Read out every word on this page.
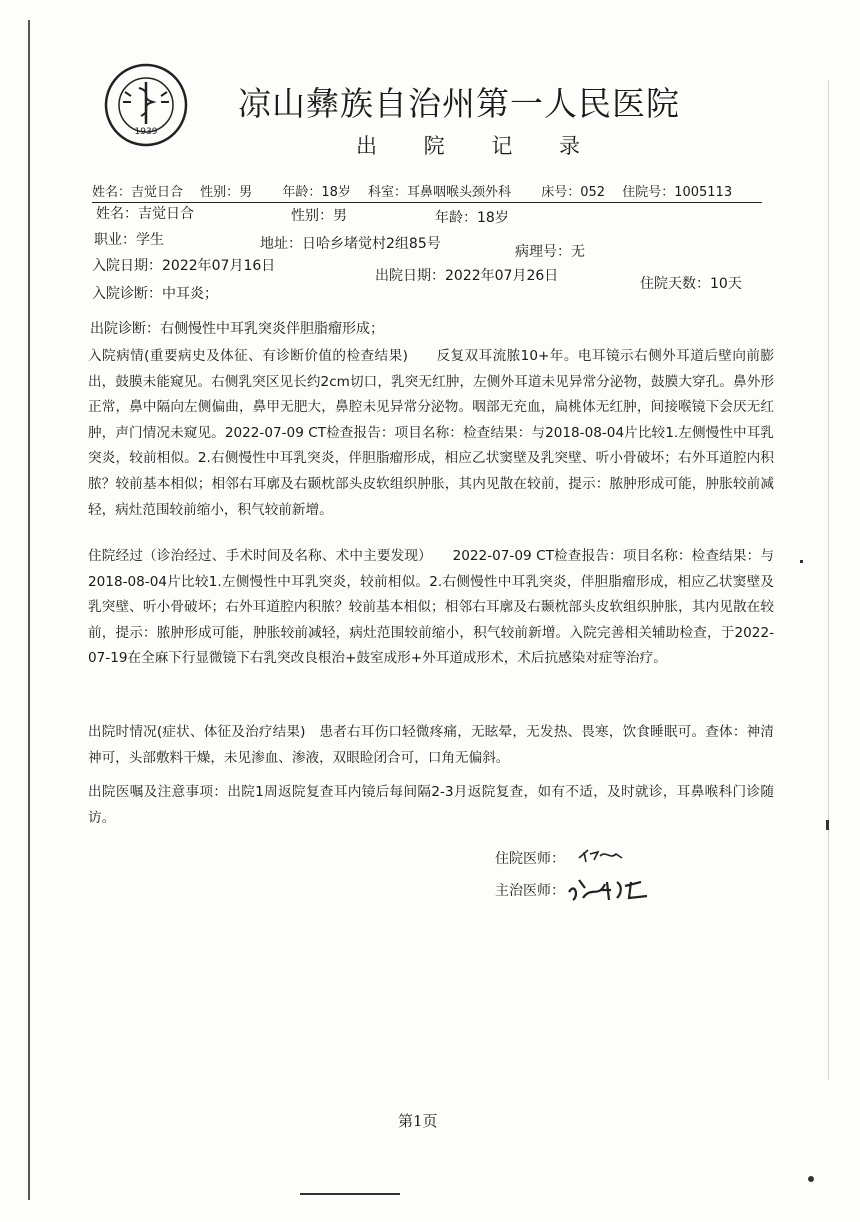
1939
凉山彝族自治州第一人民医院
出 院 记 录
姓名：吉觉日合　 性别：男　　 年龄：18岁　 科室：耳鼻咽喉头颈外科　　 床号：052　 住院号：1005113
姓名：吉觉日合	性别：男	年龄：18岁
职业：学生	地址：日哈乡堵觉村2组85号	病理号：无
入院日期：2022年07月16日
出院日期：2022年07月26日	住院天数：10天
入院诊断：中耳炎；
出院诊断：右侧慢性中耳乳突炎伴胆脂瘤形成；
入院病情(重要病史及体征、有诊断价值的检查结果)　　反复双耳流脓10+年。电耳镜示右侧外耳道后壁向前膨出，鼓膜未能窥见。右侧乳突区见长约2cm切口，乳突无红肿，左侧外耳道未见异常分泌物，鼓膜大穿孔。鼻外形正常，鼻中隔向左侧偏曲，鼻甲无肥大，鼻腔未见异常分泌物。咽部无充血，扁桃体无红肿，间接喉镜下会厌无红肿，声门情况未窥见。2022-07-09 CT检查报告：项目名称：检查结果：与2018-08-04片比较1.左侧慢性中耳乳突炎，较前相似。2.右侧慢性中耳乳突炎，伴胆脂瘤形成，相应乙状窦壁及乳突壁、听小骨破坏；右外耳道腔内积脓？较前基本相似；相邻右耳廓及右颞枕部头皮软组织肿胀，其内见散在较前，提示：脓肿形成可能，肿胀较前减轻，病灶范围较前缩小，积气较前新增。
住院经过（诊治经过、手术时间及名称、术中主要发现）　　2022-07-09 CT检查报告：项目名称：检查结果：与2018-08-04片比较1.左侧慢性中耳乳突炎，较前相似。2.右侧慢性中耳乳突炎，伴胆脂瘤形成，相应乙状窦壁及乳突壁、听小骨破坏；右外耳道腔内积脓？较前基本相似；相邻右耳廓及右颞枕部头皮软组织肿胀，其内见散在较前，提示：脓肿形成可能，肿胀较前减轻，病灶范围较前缩小，积气较前新增。入院完善相关辅助检查，于2022-07-19在全麻下行显微镜下右乳突改良根治+鼓室成形+外耳道成形术，术后抗感染对症等治疗。
出院时情况(症状、体征及治疗结果)　患者右耳伤口轻微疼痛，无眩晕，无发热、畏寒，饮食睡眠可。查体：神清神可，头部敷料干燥，未见渗血、渗液，双眼睑闭合可，口角无偏斜。
出院医嘱及注意事项：出院1周返院复查耳内镜后每间隔2-3月返院复查，如有不适，及时就诊，耳鼻喉科门诊随访。
住院医师：
主治医师：
第1页
